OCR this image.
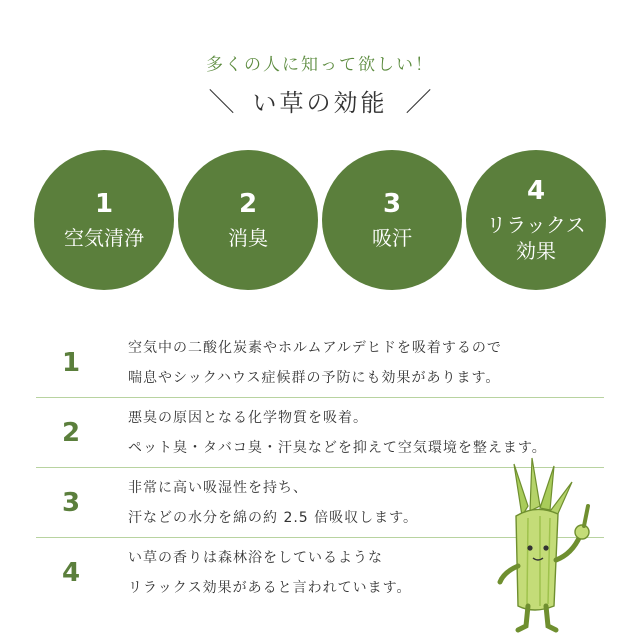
多くの人に知って欲しい！
＼ い草の効能 ／
1
空気清浄
2
消臭
3
吸汗
4
リラックス
効果
1	空気中の二酸化炭素やホルムアルデヒドを吸着するので
喘息やシックハウス症候群の予防にも効果があります。
2	悪臭の原因となる化学物質を吸着。
ペット臭・タバコ臭・汗臭などを抑えて空気環境を整えます。
3	非常に高い吸湿性を持ち、
汗などの水分を綿の約 2.5 倍吸収します。
4	い草の香りは森林浴をしているような
リラックス効果があると言われています。
